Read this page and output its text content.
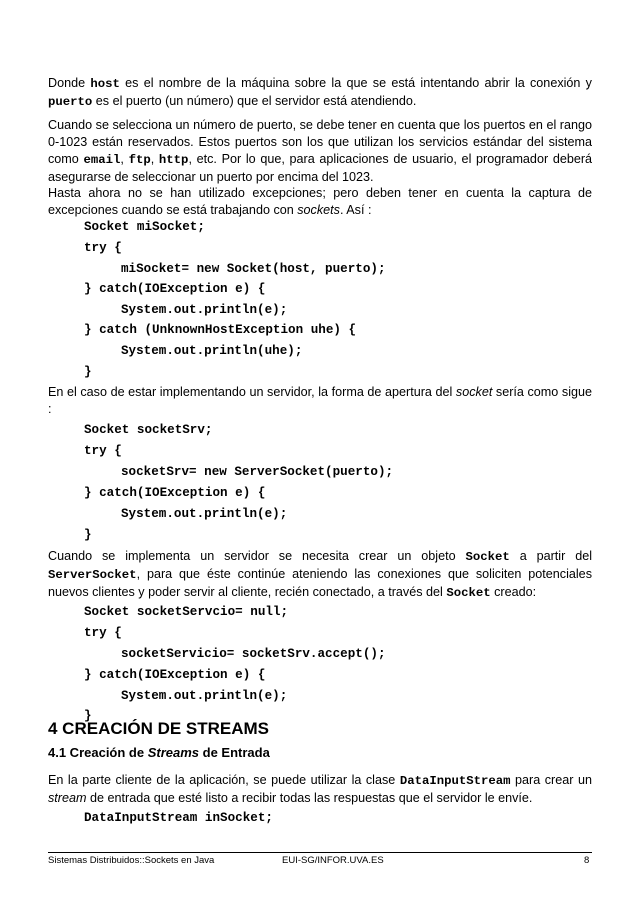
Donde host es el nombre de la máquina sobre la que se está intentando abrir la conexión y puerto es el puerto (un número) que el servidor está atendiendo.

Cuando se selecciona un número de puerto, se debe tener en cuenta que los puertos en el rango 0-1023 están reservados. Estos puertos son los que utilizan los servicios estándar del sistema como email, ftp, http, etc. Por lo que, para aplicaciones de usuario, el programador deberá asegurarse de seleccionar un puerto por encima del 1023.

Hasta ahora no se han utilizado excepciones; pero deben tener en cuenta la captura de excepciones cuando se está trabajando con sockets. Así :

Socket miSocket;

try {

miSocket= new Socket(host, puerto);

} catch(IOException e) {

System.out.println(e);

} catch (UnknownHostException uhe) {

System.out.println(uhe);

}

En el caso de estar implementando un servidor, la forma de apertura del socket sería como sigue :

Socket socketSrv;

try {

socketSrv= new ServerSocket(puerto);

} catch(IOException e) {

System.out.println(e);

}

Cuando se implementa un servidor se necesita crear un objeto Socket a partir del ServerSocket, para que éste continúe ateniendo las conexiones que soliciten potenciales nuevos clientes y poder servir al cliente, recién conectado, a través del Socket creado:

Socket socketServcio= null;

try {

socketServicio= socketSrv.accept();

} catch(IOException e) {

System.out.println(e);

}

4 CREACIÓN DE STREAMS
4.1 Creación de Streams de Entrada

En la parte cliente de la aplicación, se puede utilizar la clase DataInputStream para crear un stream de entrada que esté listo a recibir todas las respuestas que el servidor le envíe.

DataInputStream inSocket;

Sistemas Distribuidos::Sockets en Java	EUI-SG/INFOR.UVA.ES	8
